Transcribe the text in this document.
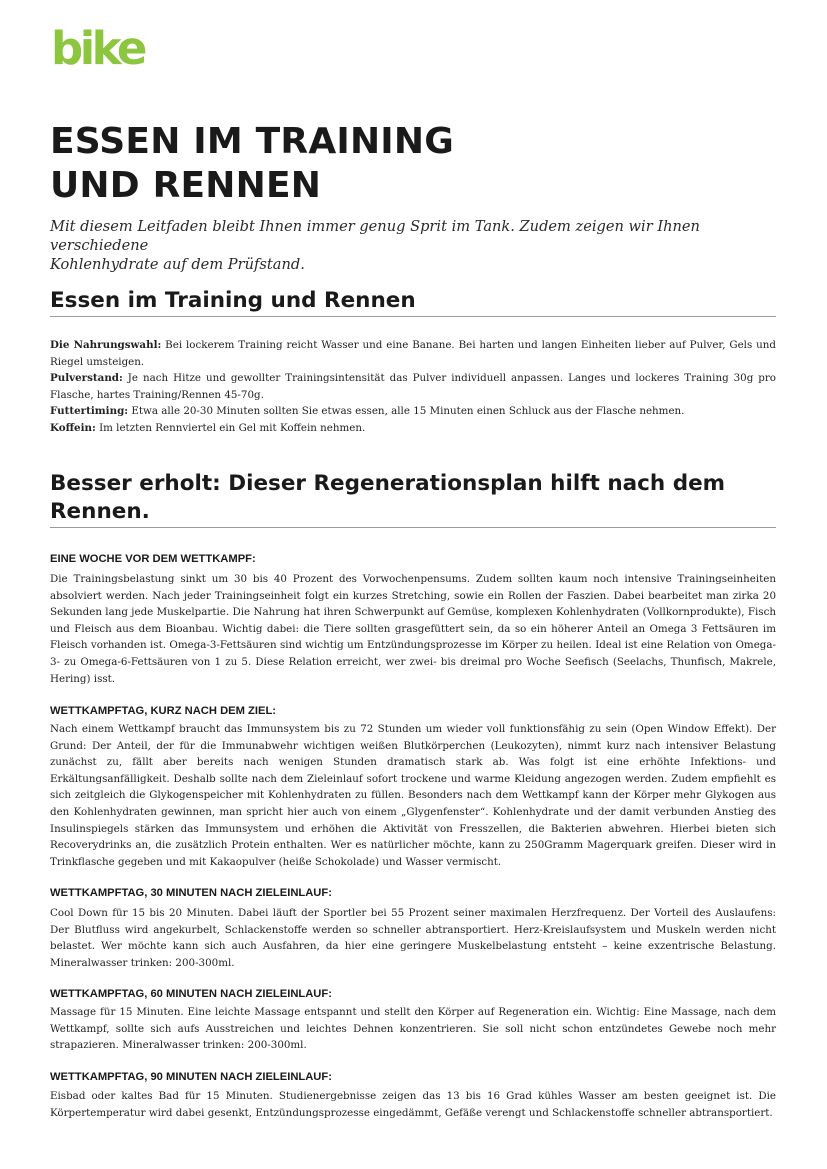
bike
ESSEN IM TRAINING
UND RENNEN

Mit diesem Leitfaden bleibt Ihnen immer genug Sprit im Tank. Zudem zeigen wir Ihnen verschiedene
Kohlenhydrate auf dem Prüfstand.

Essen im Training und Rennen

Die Nahrungswahl: Bei lockerem Training reicht Wasser und eine Banane. Bei harten und langen Einheiten lieber auf Pulver, Gels und Riegel umsteigen.

Pulverstand: Je nach Hitze und gewollter Trainingsintensität das Pulver individuell anpassen. Langes und lockeres Training 30g pro Flasche, hartes Training/Rennen 45-70g.

Futtertiming: Etwa alle 20-30 Minuten sollten Sie etwas essen, alle 15 Minuten einen Schluck aus der Flasche nehmen.

Koffein: Im letzten Rennviertel ein Gel mit Koffein nehmen.

Besser erholt: Dieser Regenerationsplan hilft nach dem Rennen.
EINE WOCHE VOR DEM WETTKAMPF:
Die Trainingsbelastung sinkt um 30 bis 40 Prozent des Vorwochenpensums. Zudem sollten kaum noch intensive Trainingseinheiten absolviert werden. Nach jeder Trainingseinheit folgt ein kurzes Stretching, sowie ein Rollen der Faszien. Dabei bearbeitet man zirka 20 Sekunden lang jede Muskelpartie. Die Nahrung hat ihren Schwerpunkt auf Gemüse, komplexen Kohlenhydraten (Vollkornprodukte), Fisch und Fleisch aus dem Bioanbau. Wichtig dabei: die Tiere sollten grasgefüttert sein, da so ein höherer Anteil an Omega 3 Fettsäuren im Fleisch vorhanden ist. Omega-3-Fettsäuren sind wichtig um Entzündungsprozesse im Körper zu heilen. Ideal ist eine Relation von Omega-3- zu Omega-6-Fettsäuren von 1 zu 5. Diese Relation erreicht, wer zwei- bis dreimal pro Woche Seefisch (Seelachs, Thunfisch, Makrele, Hering) isst.
WETTKAMPFTAG, KURZ NACH DEM ZIEL:
Nach einem Wettkampf braucht das Immunsystem bis zu 72 Stunden um wieder voll funktionsfähig zu sein (Open Window Effekt). Der Grund: Der Anteil, der für die Immunabwehr wichtigen weißen Blutkörperchen (Leukozyten), nimmt kurz nach intensiver Belastung zunächst zu, fällt aber bereits nach wenigen Stunden dramatisch stark ab. Was folgt ist eine erhöhte Infektions- und Erkältungsanfälligkeit. Deshalb sollte nach dem Zieleinlauf sofort trockene und warme Kleidung angezogen werden. Zudem empfiehlt es sich zeitgleich die Glykogenspeicher mit Kohlenhydraten zu füllen. Besonders nach dem Wettkampf kann der Körper mehr Glykogen aus den Kohlenhydraten gewinnen, man spricht hier auch von einem „Glygenfenster“. Kohlenhydrate und der damit verbunden Anstieg des Insulinspiegels stärken das Immunsystem und erhöhen die Aktivität von Fresszellen, die Bakterien abwehren. Hierbei bieten sich Recoverydrinks an, die zusätzlich Protein enthalten. Wer es natürlicher möchte, kann zu 250Gramm Magerquark greifen. Dieser wird in Trinkflasche gegeben und mit Kakaopulver (heiße Schokolade) und Wasser vermischt.
WETTKAMPFTAG, 30 MINUTEN NACH ZIELEINLAUF:
Cool Down für 15 bis 20 Minuten. Dabei läuft der Sportler bei 55 Prozent seiner maximalen Herzfrequenz. Der Vorteil des Auslaufens: Der Blutfluss wird angekurbelt, Schlackenstoffe werden so schneller abtransportiert. Herz-Kreislaufsystem und Muskeln werden nicht belastet. Wer möchte kann sich auch Ausfahren, da hier eine geringere Muskelbelastung entsteht – keine exzentrische Belastung. Mineralwasser trinken: 200-300ml.
WETTKAMPFTAG, 60 MINUTEN NACH ZIELEINLAUF:
Massage für 15 Minuten. Eine leichte Massage entspannt und stellt den Körper auf Regeneration ein. Wichtig: Eine Massage, nach dem Wettkampf, sollte sich aufs Ausstreichen und leichtes Dehnen konzentrieren. Sie soll nicht schon entzündetes Gewebe noch mehr strapazieren. Mineralwasser trinken: 200-300ml.
WETTKAMPFTAG, 90 MINUTEN NACH ZIELEINLAUF:
Eisbad oder kaltes Bad für 15 Minuten. Studienergebnisse zeigen das 13 bis 16 Grad kühles Wasser am besten geeignet ist. Die Körpertemperatur wird dabei gesenkt, Entzündungsprozesse eingedämmt, Gefäße verengt und Schlackenstoffe schneller abtransportiert.
